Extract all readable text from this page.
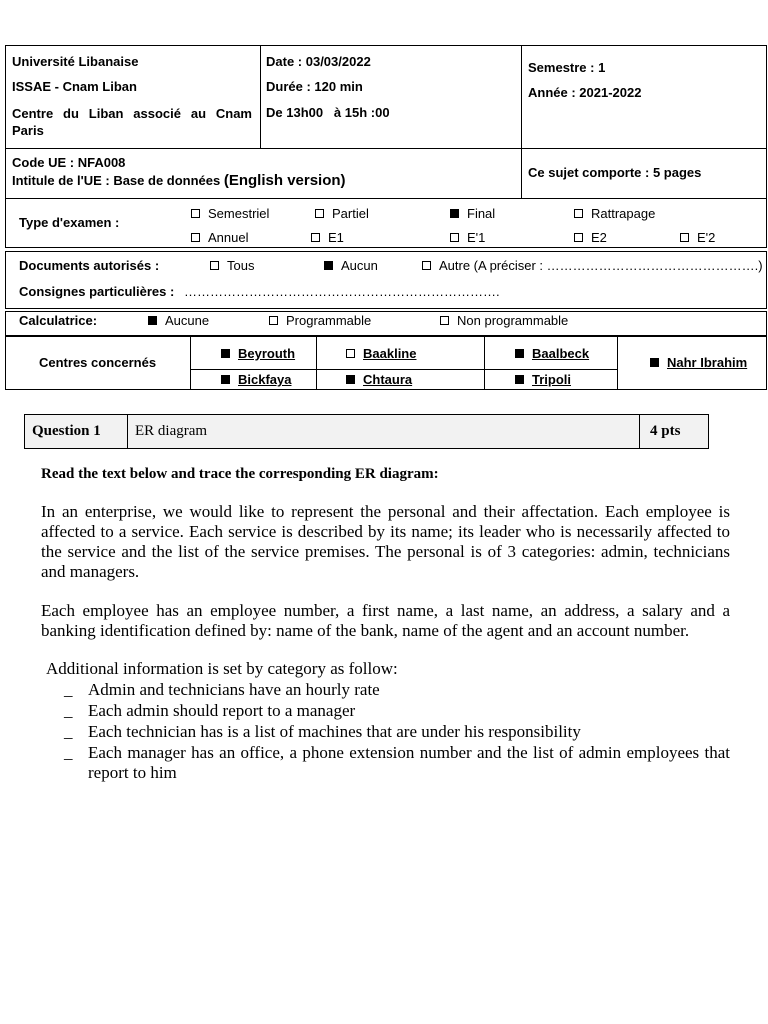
Université Libanaise
ISSAE - Cnam Liban
Centre du Liban associé au Cnam Paris
Date : 03/03/2022
Durée : 120 min
De 13h00   à 15h :00
Semestre : 1
Année : 2021-2022
Code UE : NFA008
Intitule de l'UE : Base de données (English version)	Ce sujet comporte : 5 pages
Type d'examen :
Semestriel	Partiel	Final	Rattrapage
Annuel	E1	E'1	E2	E'2
Documents autorisés :	Tous	Aucun	Autre (A préciser : ………………………………………….)
Consignes particulières : ……………………………………………………………….
Calculatrice:	Aucune	Programmable	Non programmable
Centres concernés
Beyrouth	Baakline	Baalbeck
Nahr Ibrahim
Bickfaya	Chtaura	Tripoli
Question 1 ER diagram	4 pts
Read the text below and trace the corresponding ER diagram:
In an enterprise, we would like to represent the personal and their affectation. Each employee is affected to a service. Each service is described by its name; its leader who is necessarily affected to the service and the list of the service premises. The personal is of 3 categories: admin, technicians and managers.
Each employee has an employee number, a first name, a last name, an address, a salary and a banking identification defined by: name of the bank, name of the agent and an account number.
Additional information is set by category as follow:
_ Admin and technicians have an hourly rate
_ Each admin should report to a manager
_ Each technician has is a list of machines that are under his responsibility
_ Each manager has an office, a phone extension number and the list of admin employees that report to him
